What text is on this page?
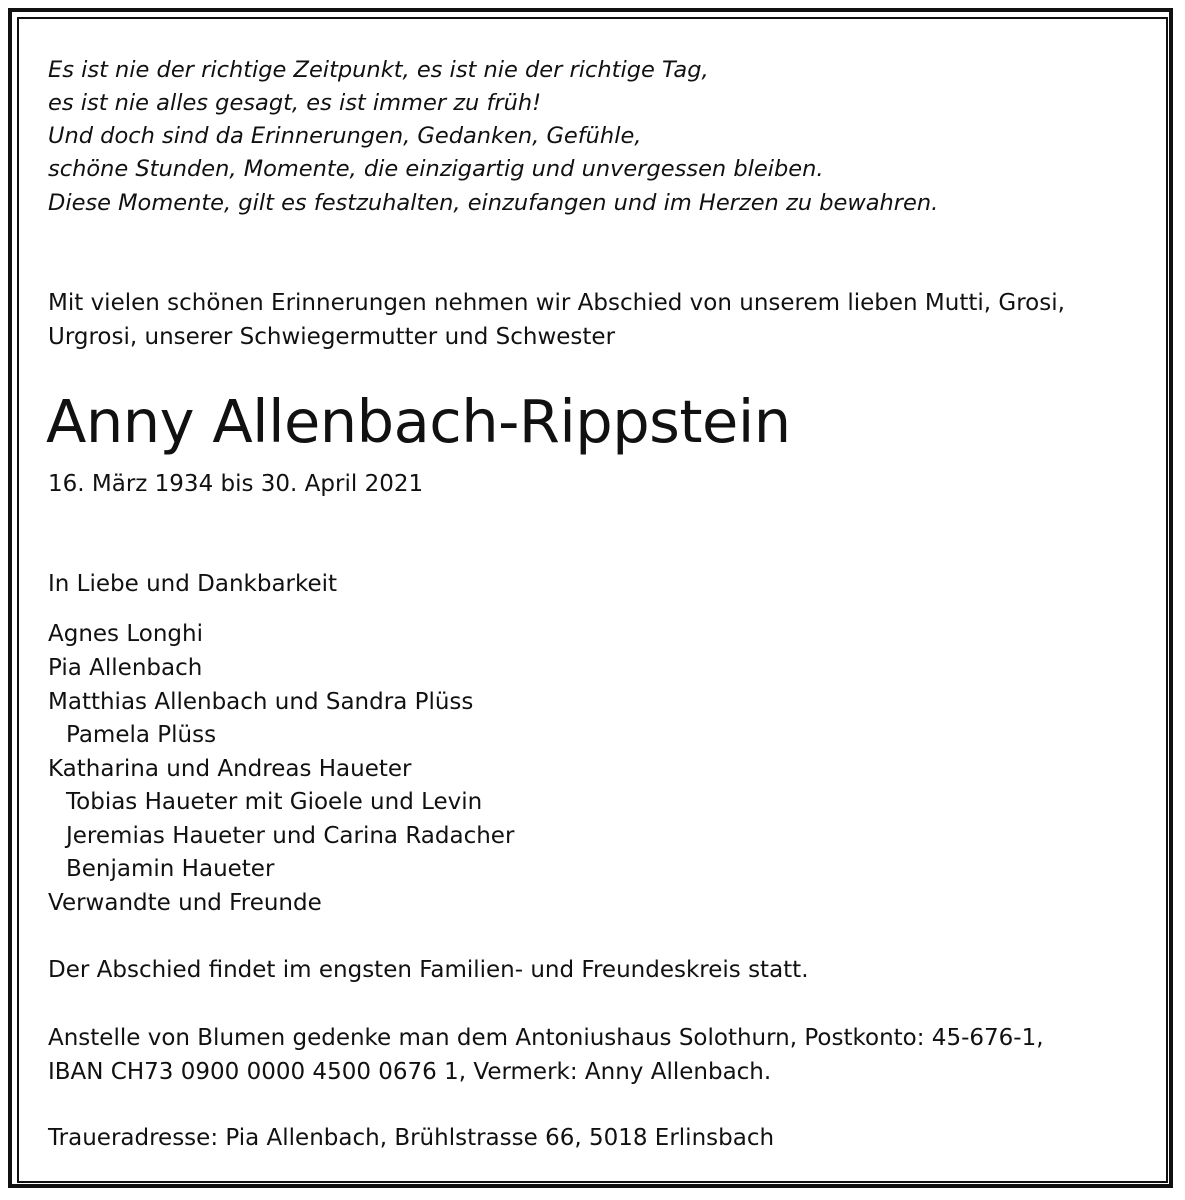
Es ist nie der richtige Zeitpunkt, es ist nie der richtige Tag,
es ist nie alles gesagt, es ist immer zu früh!
Und doch sind da Erinnerungen, Gedanken, Gefühle,
schöne Stunden, Momente, die einzigartig und unvergessen bleiben.
Diese Momente, gilt es festzuhalten, einzufangen und im Herzen zu bewahren.
Mit vielen schönen Erinnerungen nehmen wir Abschied von unserem lieben Mutti, Grosi,
Urgrosi, unserer Schwiegermutter und Schwester
Anny Allenbach-Rippstein
16. März 1934 bis 30. April 2021
In Liebe und Dankbarkeit
Agnes Longhi
Pia Allenbach
Matthias Allenbach und Sandra Plüss
Pamela Plüss
Katharina und Andreas Haueter
Tobias Haueter mit Gioele und Levin
Jeremias Haueter und Carina Radacher
Benjamin Haueter
Verwandte und Freunde
Der Abschied findet im engsten Familien- und Freundeskreis statt.
Anstelle von Blumen gedenke man dem Antoniushaus Solothurn, Postkonto: 45-676-1,
IBAN CH73 0900 0000 4500 0676 1, Vermerk: Anny Allenbach.
Traueradresse: Pia Allenbach, Brühlstrasse 66, 5018 Erlinsbach
